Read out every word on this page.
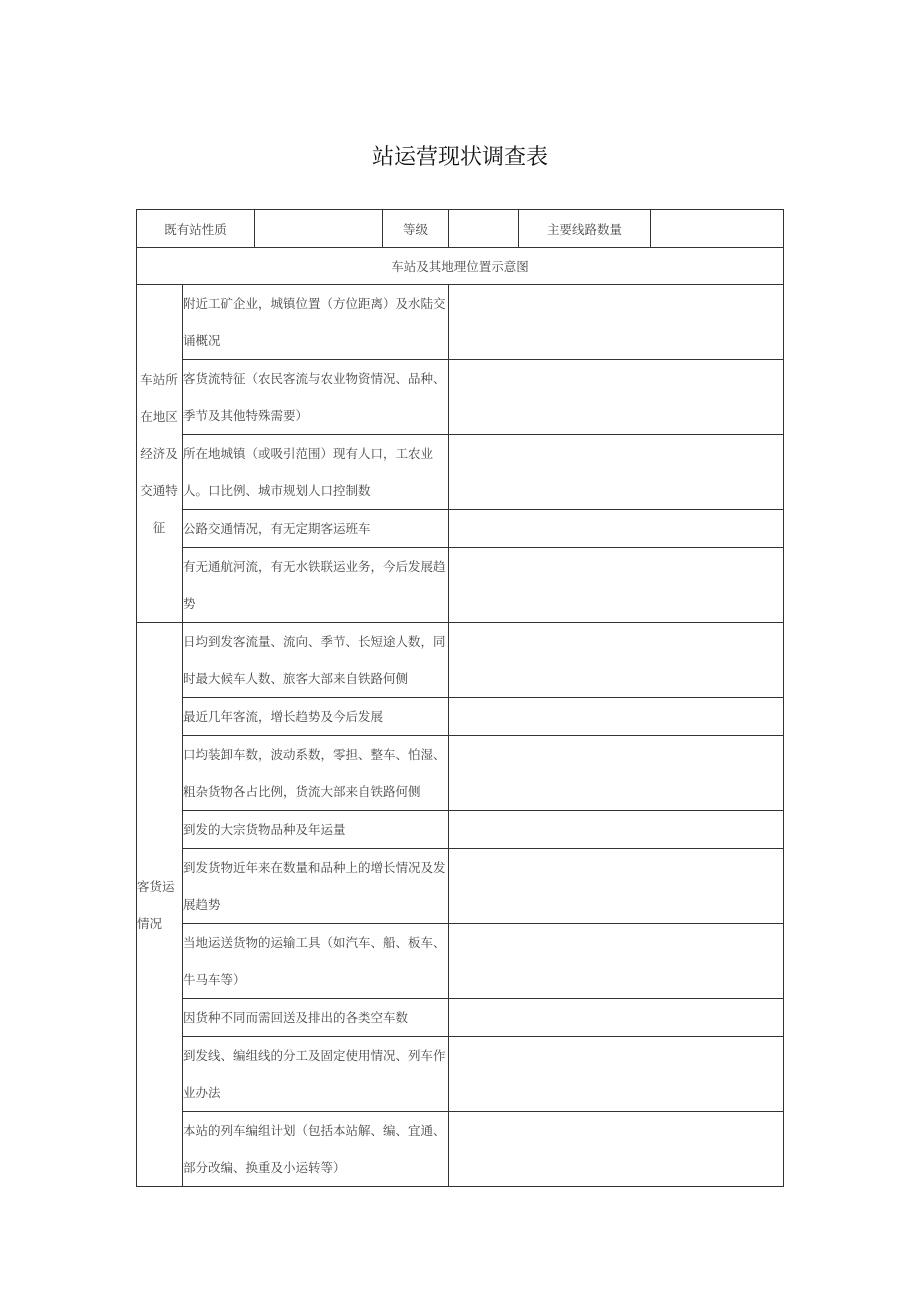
站运营现状调查表
既有站性质			等级		主要线路数量	
车站及其地理位置示意图						

车站所在地区经济及交通特征	附近工矿企业，城镇位置（方位距离）及水陆交诵概况					
	客货流特征（农民客流与农业物资情况、品种、季节及其他特殊需要）					
	所在地城镇（或吸引范围）现有人口，工农业人。口比例、城市规划人口控制数					
	公路交通情况，有无定期客运班车					
	有无通航河流，有无水铁联运业务，今后发展趋势					

客货运情况	日均到发客流量、流向、季节、长短途人数，同时最大候车人数、旅客大部来自铁路何侧					
	最近几年客流，增长趋势及今后发展					
	口均装卸车数，波动系数，零担、整车、怕湿、粗杂货物各占比例，货流大部来自铁路何侧					
	到发的大宗货物品种及年运量					
	到发货物近年来在数量和品种上的增长情况及发展趋势					
	当地运送货物的运输工具（如汽车、船、板车、牛马车等）					
	因货种不同而需回送及排出的各类空车数					
	到发线、编组线的分工及固定使用情况、列车作业办法					
	本站的列车编组计划（包括本站解、编、宜通、部分改编、换重及小运转等）					
